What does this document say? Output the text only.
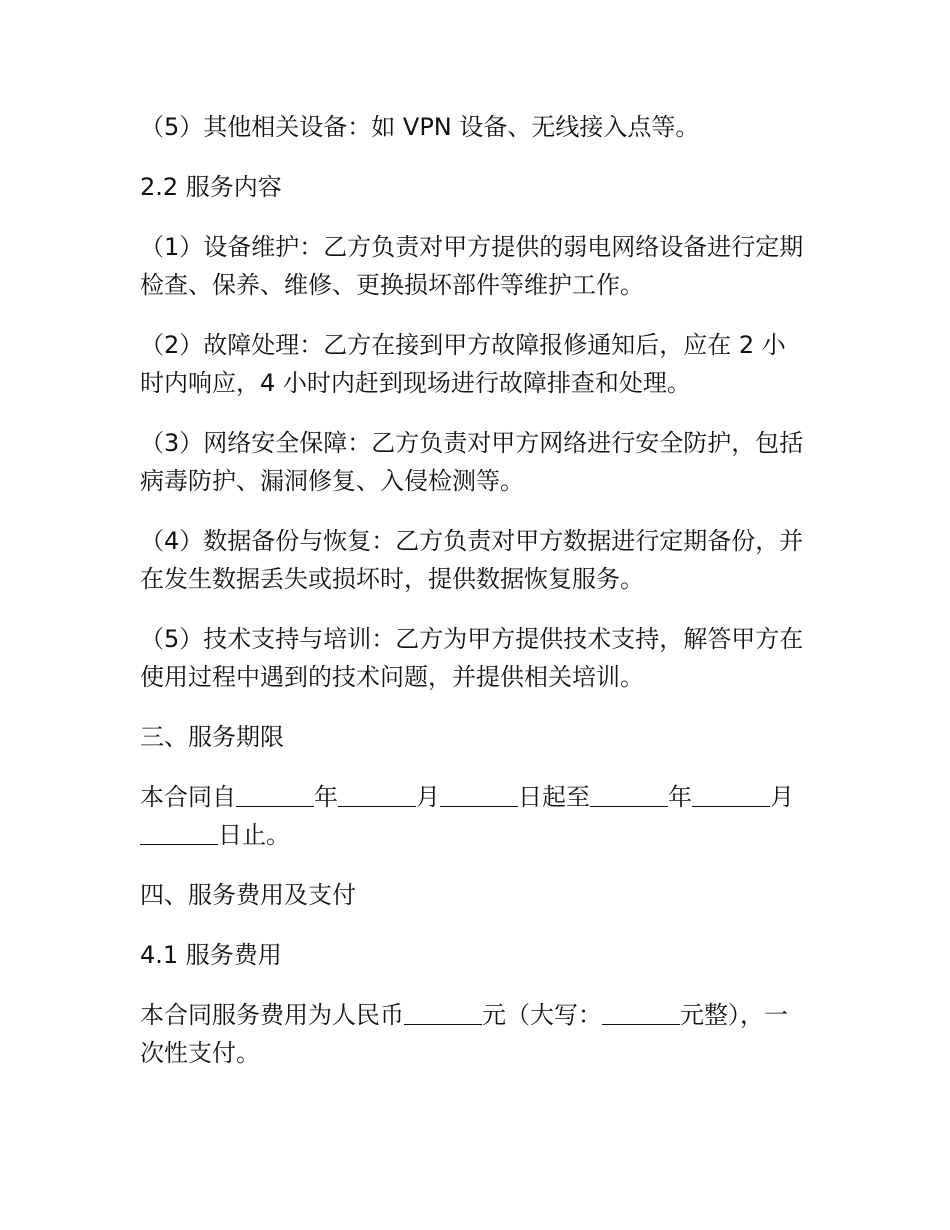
（5）其他相关设备：如 VPN 设备、无线接入点等。

2.2 服务内容

（1）设备维护：乙方负责对甲方提供的弱电网络设备进行定期检查、保养、维修、更换损坏部件等维护工作。

（2）故障处理：乙方在接到甲方故障报修通知后，应在 2 小时内响应，4 小时内赶到现场进行故障排查和处理。

（3）网络安全保障：乙方负责对甲方网络进行安全防护，包括病毒防护、漏洞修复、入侵检测等。

（4）数据备份与恢复：乙方负责对甲方数据进行定期备份，并在发生数据丢失或损坏时，提供数据恢复服务。

（5）技术支持与培训：乙方为甲方提供技术支持，解答甲方在使用过程中遇到的技术问题，并提供相关培训。

三、服务期限

本合同自	年	月	日起至	年	月日止。

四、服务费用及支付

4.1 服务费用

本合同服务费用为人民币	元（大写：	元整），一次性支付。
